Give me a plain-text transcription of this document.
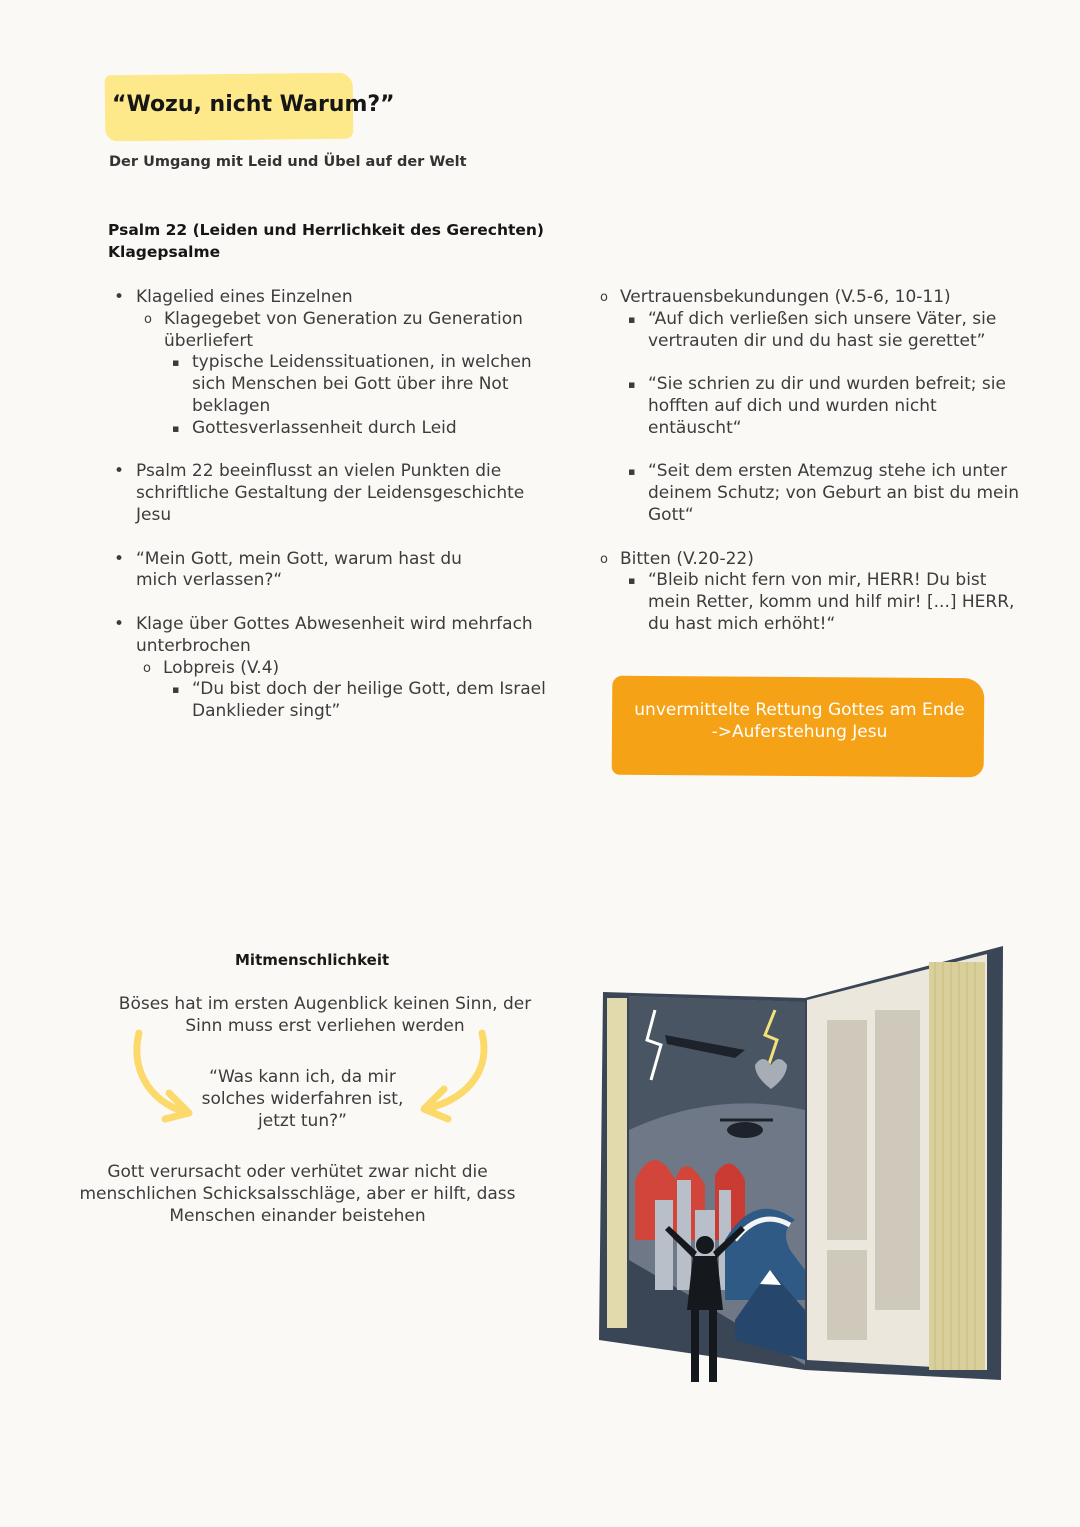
“Wozu, nicht Warum?”
Der Umgang mit Leid und Übel auf der Welt
Psalm 22 (Leiden und Herrlichkeit des Gerechten)
Klagepsalme
• Klagelied eines Einzelnen
o Klagegebet von Generation zu Generation überliefert
▪ typische Leidenssituationen, in welchen sich Menschen bei Gott über ihre Not beklagen
▪ Gottesverlassenheit durch Leid
• Psalm 22 beeinflusst an vielen Punkten die schriftliche Gestaltung der Leidensgeschichte Jesu
• “Mein Gott, mein Gott, warum hast du mich verlassen?“
• Klage über Gottes Abwesenheit wird mehrfach unterbrochen
o Lobpreis (V.4)
▪ “Du bist doch der heilige Gott, dem Israel Danklieder singt”
o Vertrauensbekundungen (V.5-6, 10-11)
▪ “Auf dich verließen sich unsere Väter, sie vertrauten dir und du hast sie gerettet”
▪ “Sie schrien zu dir und wurden befreit; sie hofften auf dich und wurden nicht entäuscht“
▪ “Seit dem ersten Atemzug stehe ich unter deinem Schutz; von Geburt an bist du mein Gott“
o Bitten (V.20-22)
▪ “Bleib nicht fern von mir, HERR! Du bist mein Retter, komm und hilf mir! [...] HERR, du hast mich erhöht!“
unvermittelte Rettung Gottes am Ende
->Auferstehung Jesu
Mitmenschlichkeit
Böses hat im ersten Augenblick keinen Sinn, der
Sinn muss erst verliehen werden
“Was kann ich, da mir
solches widerfahren ist,
jetzt tun?”
Gott verursacht oder verhütet zwar nicht die
menschlichen Schicksalsschläge, aber er hilft, dass
Menschen einander beistehen
